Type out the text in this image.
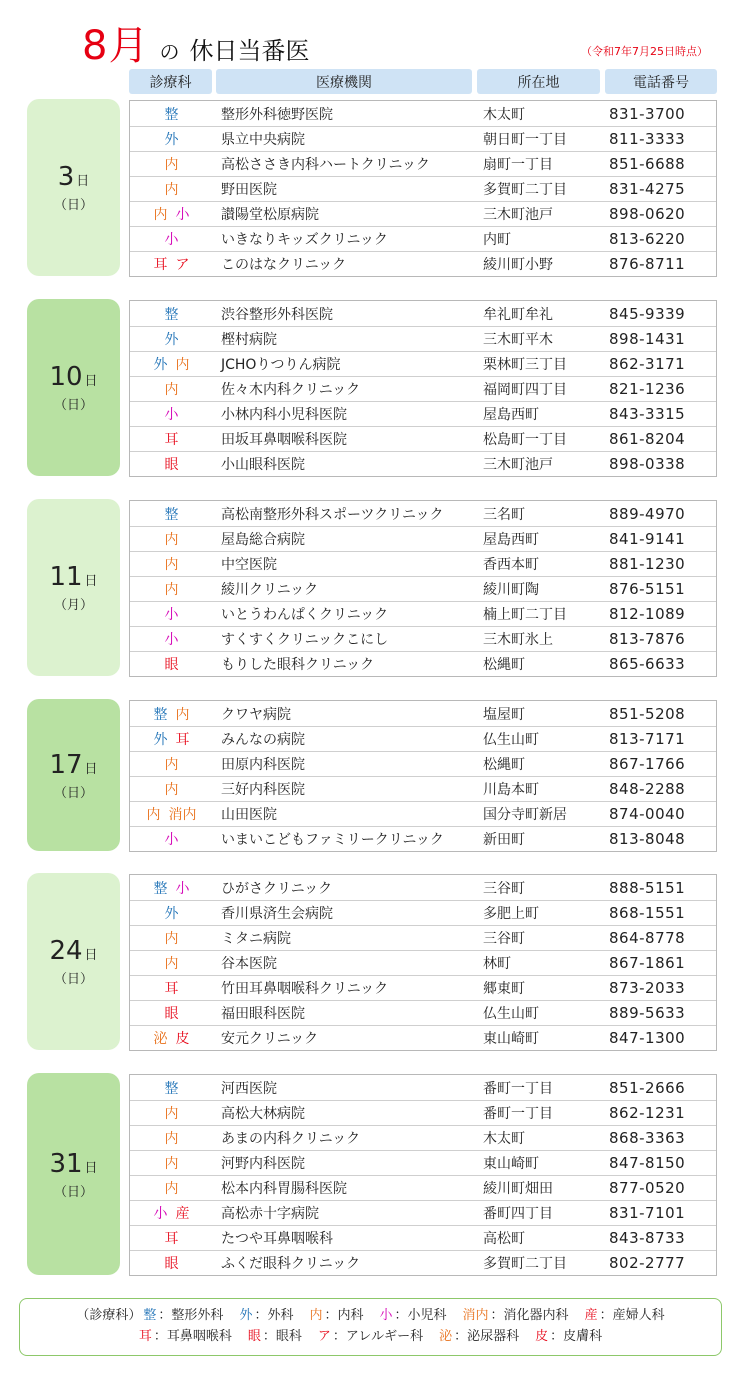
8月 の 休日当番医	（令和7年7月25日時点）
診療科	医療機関	所在地	電話番号
3 日
（日）
整	整形外科徳野医院	木太町	831-3700
外	県立中央病院	朝日町一丁目	811-3333
内	高松ささき内科ハートクリニック	扇町一丁目	851-6688
内	野田医院	多賀町二丁目	831-4275
内 小	讃陽堂松原病院	三木町池戸	898-0620
小	いきなりキッズクリニック	内町	813-6220
耳 ア	このはなクリニック	綾川町小野	876-8711
10 日
（日）
整	渋谷整形外科医院	牟礼町牟礼	845-9339
外	樫村病院	三木町平木	898-1431
外 内	JCHOりつりん病院	栗林町三丁目	862-3171
内	佐々木内科クリニック	福岡町四丁目	821-1236
小	小林内科小児科医院	屋島西町	843-3315
耳	田坂耳鼻咽喉科医院	松島町一丁目	861-8204
眼	小山眼科医院	三木町池戸	898-0338
11 日
（月）
整	高松南整形外科スポーツクリニック	三名町	889-4970
内	屋島総合病院	屋島西町	841-9141
内	中空医院	香西本町	881-1230
内	綾川クリニック	綾川町陶	876-5151
小	いとうわんぱくクリニック	楠上町二丁目	812-1089
小	すくすくクリニックこにし	三木町氷上	813-7876
眼	もりした眼科クリニック	松縄町	865-6633
17 日
（日）
整 内	クワヤ病院	塩屋町	851-5208
外 耳	みんなの病院	仏生山町	813-7171
内	田原内科医院	松縄町	867-1766
内	三好内科医院	川島本町	848-2288
内 消内	山田医院	国分寺町新居	874-0040
小	いまいこどもファミリークリニック	新田町	813-8048
24 日
（日）
整 小	ひがさクリニック	三谷町	888-5151
外	香川県済生会病院	多肥上町	868-1551
内	ミタニ病院	三谷町	864-8778
内	谷本医院	林町	867-1861
耳	竹田耳鼻咽喉科クリニック	郷東町	873-2033
眼	福田眼科医院	仏生山町	889-5633
泌 皮	安元クリニック	東山崎町	847-1300
31 日
（日）
整	河西医院	番町一丁目	851-2666
内	高松大林病院	番町一丁目	862-1231
内	あまの内科クリニック	木太町	868-3363
内	河野内科医院	東山崎町	847-8150
内	松本内科胃腸科医院	綾川町畑田	877-0520
小 産	高松赤十字病院	番町四丁目	831-7101
耳	たつや耳鼻咽喉科	高松町	843-8733
眼	ふくだ眼科クリニック	多賀町二丁目	802-2777
（診療科） 整 ：整形外科 外 ：外科 内 ：内科 小 ：小児科 消内 ：消化器内科 産 ：産婦人科
耳 ：耳鼻咽喉科 眼 ：眼科 ア ：アレルギー科 泌 ：泌尿器科 皮 ：皮膚科
